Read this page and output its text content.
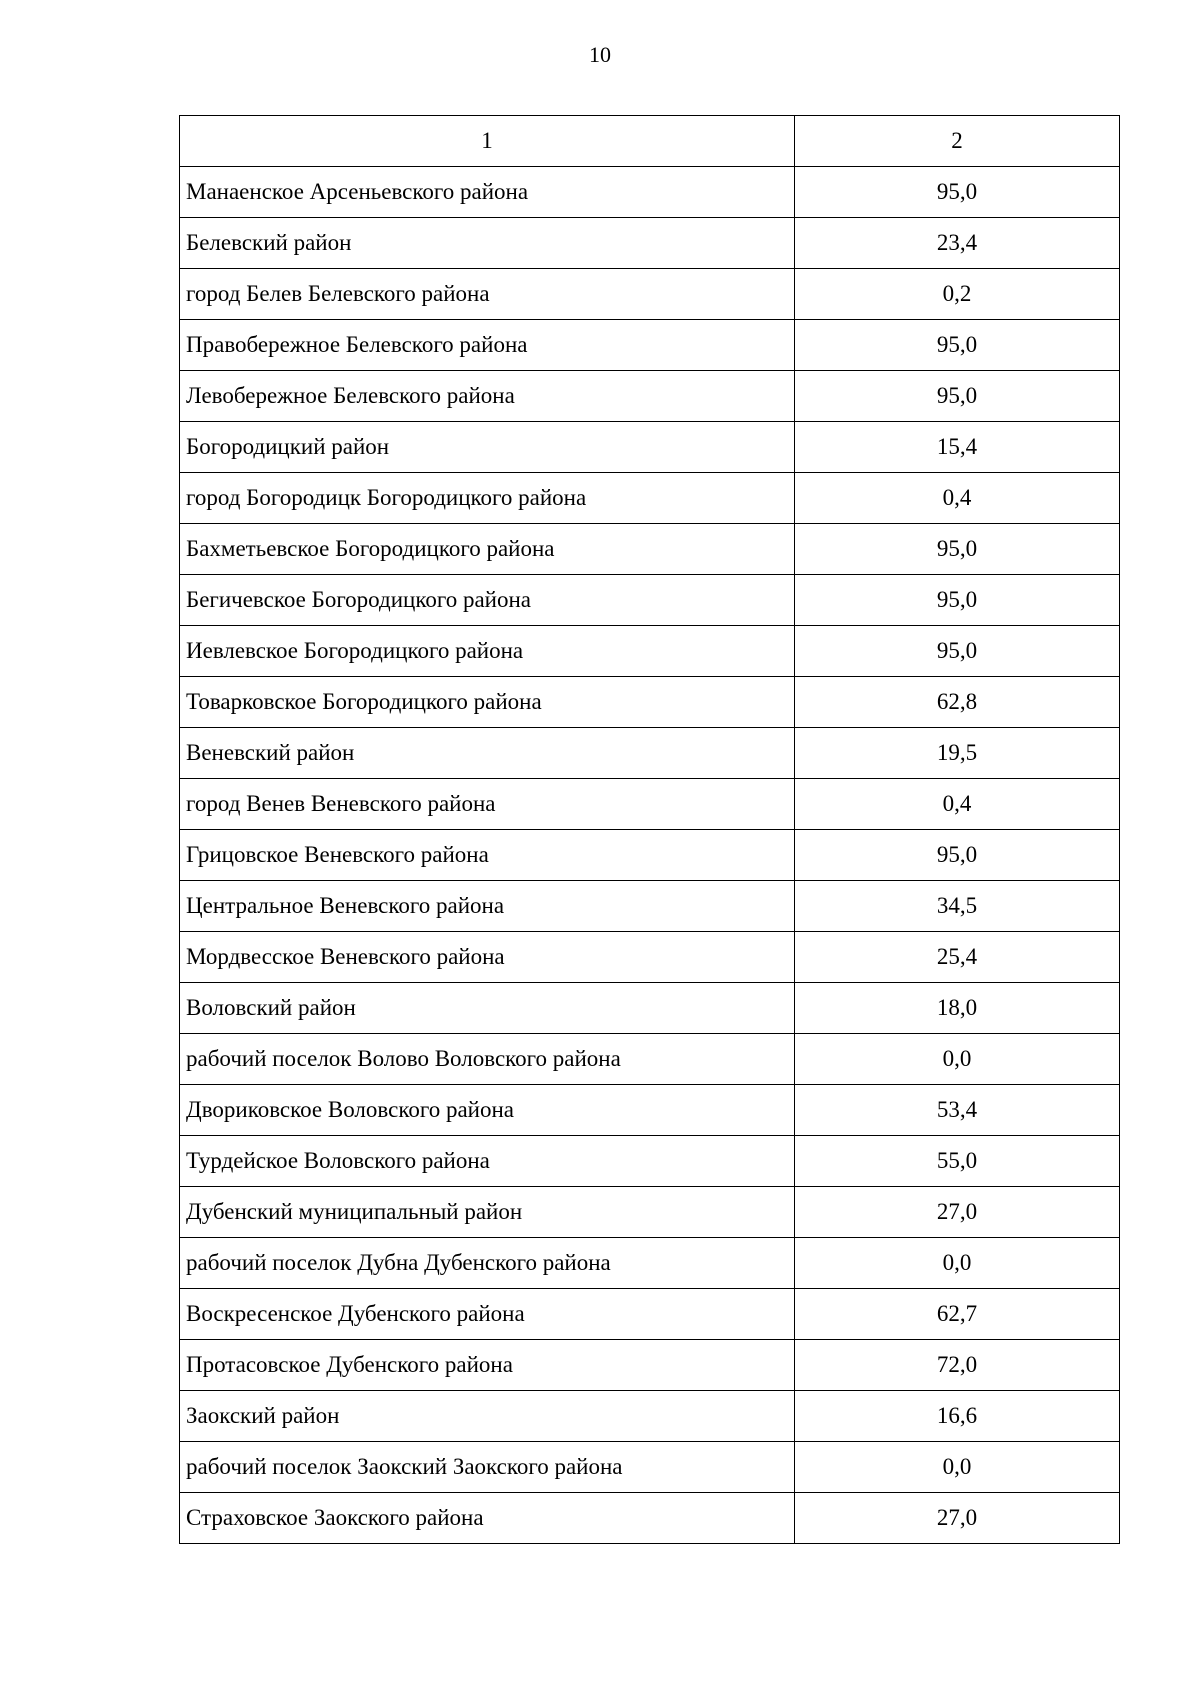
10
1	2
Манаенское Арсеньевского района	95,0
Белевский район	23,4
город Белев Белевского района	0,2
Правобережное Белевского района	95,0
Левобережное Белевского района	95,0
Богородицкий район	15,4
город Богородицк Богородицкого района	0,4
Бахметьевское Богородицкого района	95,0
Бегичевское Богородицкого района	95,0
Иевлевское Богородицкого района	95,0
Товарковское Богородицкого района	62,8
Веневский район	19,5
город Венев Веневского района	0,4
Грицовское Веневского района	95,0
Центральное Веневского района	34,5
Мордвесское Веневского района	25,4
Воловский район	18,0
рабочий поселок Волово Воловского района	0,0
Двориковское Воловского района	53,4
Турдейское Воловского района	55,0
Дубенский муниципальный район	27,0
рабочий поселок Дубна Дубенского района	0,0
Воскресенское Дубенского района	62,7
Протасовское Дубенского района	72,0
Заокский район	16,6
рабочий поселок Заокский Заокского района	0,0
Страховское Заокского района	27,0
